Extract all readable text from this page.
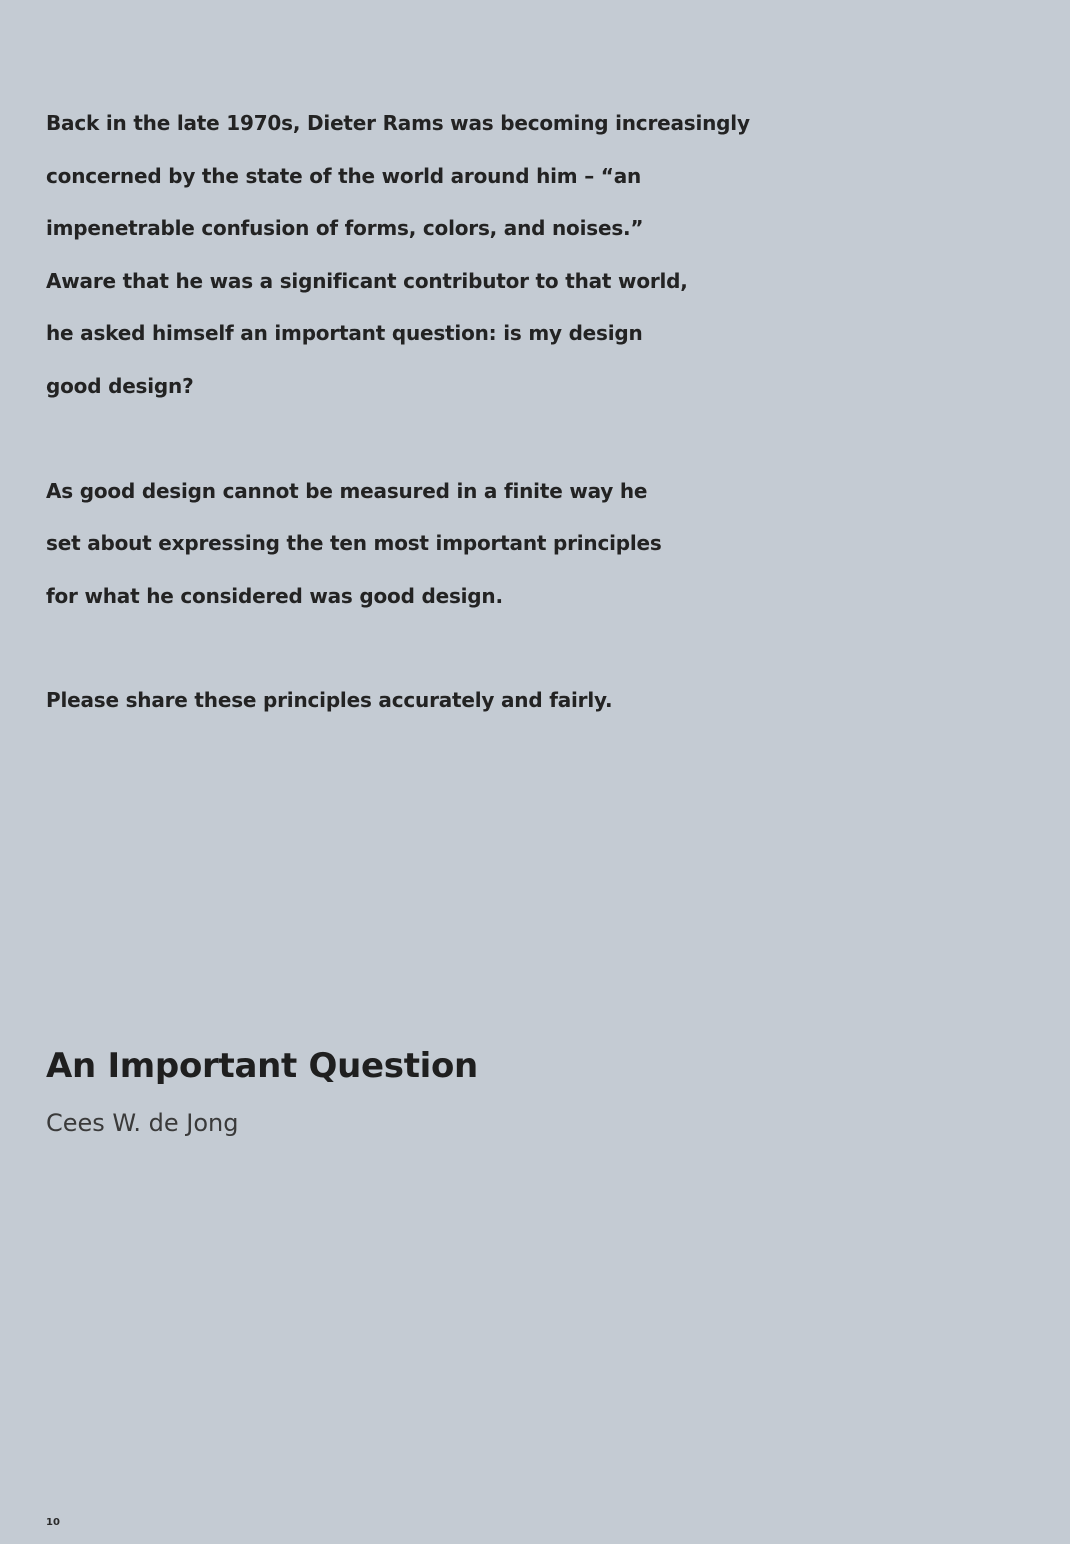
Back in the late 1970s, Dieter Rams was becoming increasingly
concerned by the state of the world around him – “an
impenetrable confusion of forms, colors, and noises.”
Aware that he was a significant contributor to that world,
he asked himself an important question: is my design
good design?

As good design cannot be measured in a finite way he
set about expressing the ten most important principles
for what he considered was good design.

Please share these principles accurately and fairly.

An Important Question

Cees W. de Jong

10
